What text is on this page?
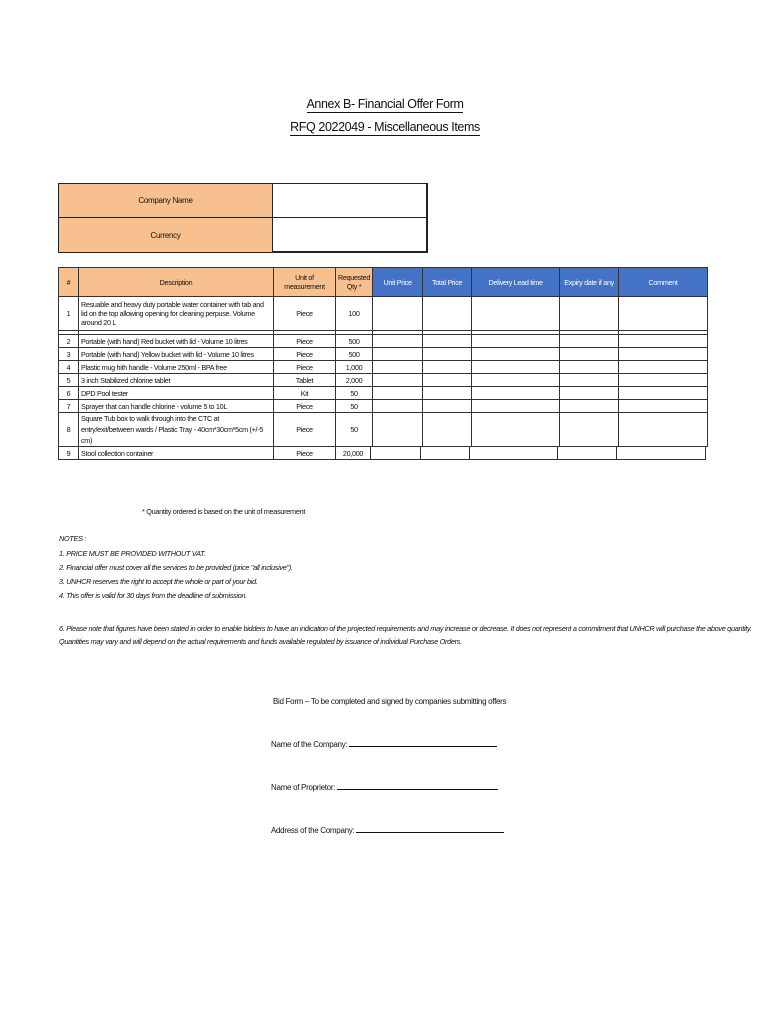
Annex B- Financial Offer Form
RFQ 2022049 - Miscellaneous Items
Company Name
Currency
#	Description	Unit of measurement	Requested Qty *	Unit Price	Total Price	Delivery Lead time	Expiry date if any	Comment
1	Resuable and heavy duty portable water container with tab and lid on the top allowing opening for cleaning perpuse. Volume around 20 L	Piece	100					

2	Portable (with hand) Red bucket with lid - Volume 10 litres	Piece	500					
3	Portable (with hand) Yellow bucket with lid - Volume 10 litres	Piece	500					
4	Plastic mug hith handle - Volume 250ml - BPA free	Piece	1,000					
5	3 inch Stabilized chlorine tablet	Tablet	2,000					
6	DPD Pool tester	Kit	50					
7	Sprayer that can handle chlorine - volume 5 to 10L	Piece	50					
8	Square Tub box to walk through into the CTC at entry/exit/between wards / Plastic Tray - 40cm*30cm*5cm (+/-5 cm)	Piece	50					
9	Stool collection container	Piece	20,000					
* Quantity ordered is based on the unit of measurement
NOTES :
1. PRICE MUST BE PROVIDED WITHOUT VAT.
2. Financial offer must cover all the services to be provided (price "all inclusive").
3. UNHCR reserves the right to accept the whole or part of your bid.
4. This offer is valid for 30 days from the deadline of submission.
6. Please note that figures have been stated in order to enable bidders to have an indication of the projected requirements and may increase or decrease. It does not represent a commitment that UNHCR will purchase the above quantity.
Quantities may vary and will depend on the actual requirements and funds available regulated by issuance of individual Purchase Orders.
Bid Form – To be completed and signed by companies submitting offers
Name of the Company:
Name of Proprietor:
Address of the Company:
